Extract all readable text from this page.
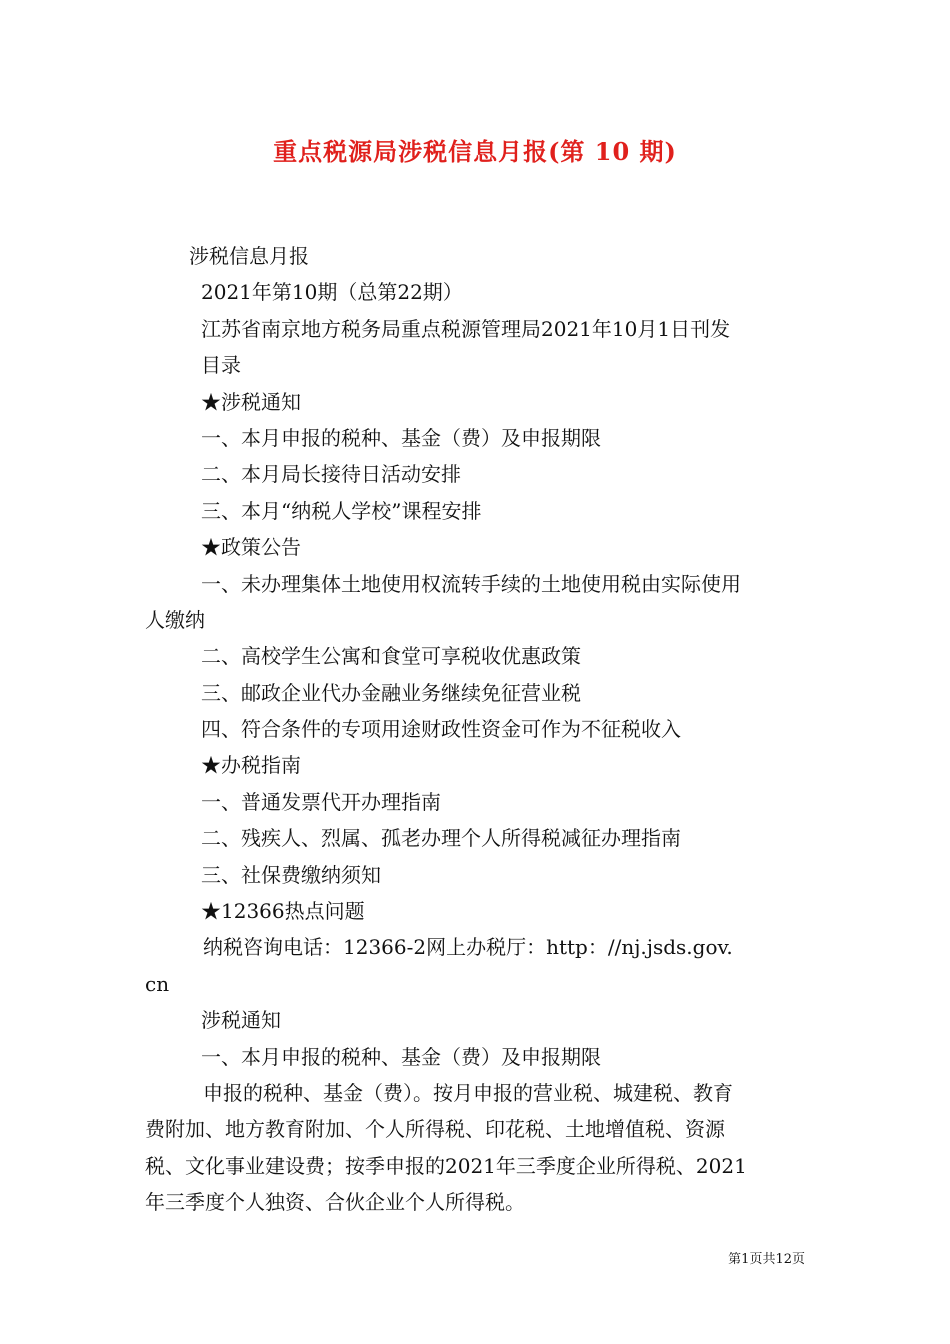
重点税源局涉税信息月报(第 10 期)
涉税信息月报
2021年第10期（总第22期）
江苏省南京地方税务局重点税源管理局2021年10月1日刊发
目录
★涉税通知
一、本月申报的税种、基金（费）及申报期限
二、本月局长接待日活动安排
三、本月“纳税人学校”课程安排
★政策公告
一、未办理集体土地使用权流转手续的土地使用税由实际使用
人缴纳
二、高校学生公寓和食堂可享税收优惠政策
三、邮政企业代办金融业务继续免征营业税
四、符合条件的专项用途财政性资金可作为不征税收入
★办税指南
一、普通发票代开办理指南
二、残疾人、烈属、孤老办理个人所得税减征办理指南
三、社保费缴纳须知
★12366热点问题
纳税咨询电话：12366-2网上办税厅：http：//nj.jsds.gov.
cn
涉税通知
一、本月申报的税种、基金（费）及申报期限
申报的税种、基金（费）。按月申报的营业税、城建税、教育
费附加、地方教育附加、个人所得税、印花税、土地增值税、资源
税、文化事业建设费；按季申报的2021年三季度企业所得税、2021
年三季度个人独资、合伙企业个人所得税。
第1页共12页
